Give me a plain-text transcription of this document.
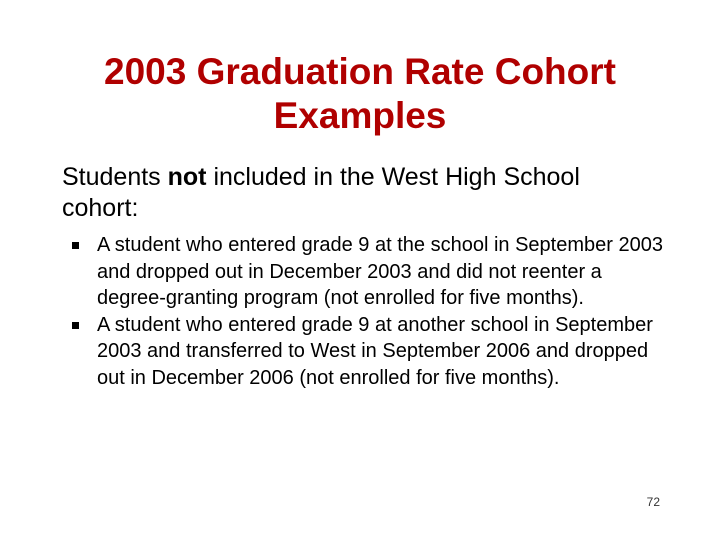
2003 Graduation Rate Cohort
Examples
Students not included in the West High School cohort:
A student who entered grade 9 at the school in September 2003 and dropped out in December 2003 and did not reenter a degree-granting program (not enrolled for five months).
A student who entered grade 9 at another school in September 2003 and transferred to West in September 2006 and dropped out in December 2006 (not enrolled for five months).
72
